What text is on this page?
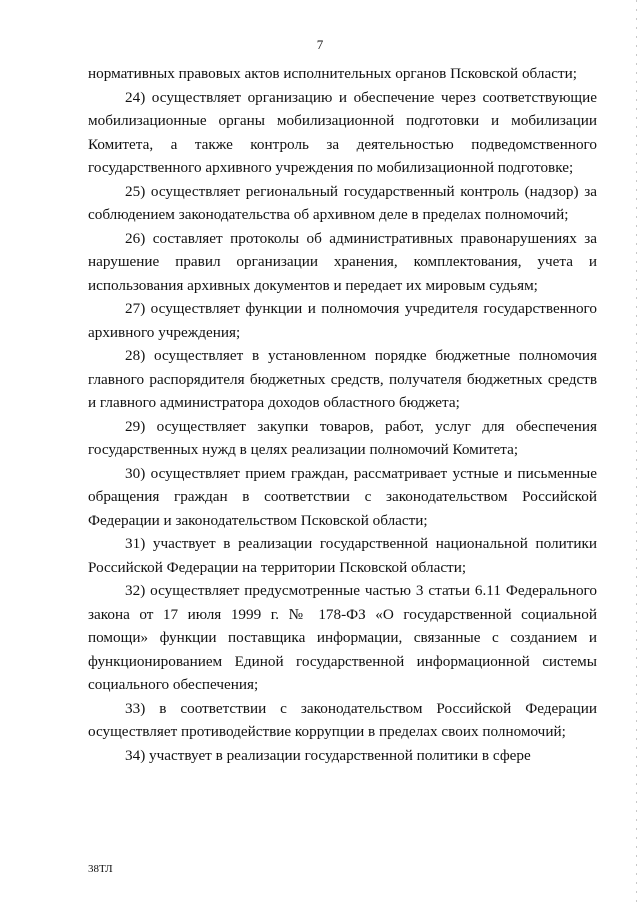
7

нормативных правовых актов исполнительных органов Псковской области;

24) осуществляет организацию и обеспечение через соответствующие мобилизационные органы мобилизационной подготовки и мобилизации Комитета, а также контроль за деятельностью подведомственного государственного архивного учреждения по мобилизационной подготовке;

25) осуществляет региональный государственный контроль (надзор) за соблюдением законодательства об архивном деле в пределах полномочий;

26) составляет протоколы об административных правонарушениях за нарушение правил организации хранения, комплектования, учета и использования архивных документов и передает их мировым судьям;

27) осуществляет функции и полномочия учредителя государственного архивного учреждения;

28) осуществляет в установленном порядке бюджетные полномочия главного распорядителя бюджетных средств, получателя бюджетных средств и главного администратора доходов областного бюджета;

29) осуществляет закупки товаров, работ, услуг для обеспечения государственных нужд в целях реализации полномочий Комитета;

30) осуществляет прием граждан, рассматривает устные и письменные обращения граждан в соответствии с законодательством Российской Федерации и законодательством Псковской области;

31) участвует в реализации государственной национальной политики Российской Федерации на территории Псковской области;

32) осуществляет предусмотренные частью 3 статьи 6.11 Федерального закона от 17 июля 1999 г. № 178-ФЗ «О государственной социальной помощи» функции поставщика информации, связанные с созданием и функционированием Единой государственной информационной системы социального обеспечения;

33) в соответствии с законодательством Российской Федерации осуществляет противодействие коррупции в пределах своих полномочий;

34) участвует в реализации государственной политики в сфере

38ТЛ
